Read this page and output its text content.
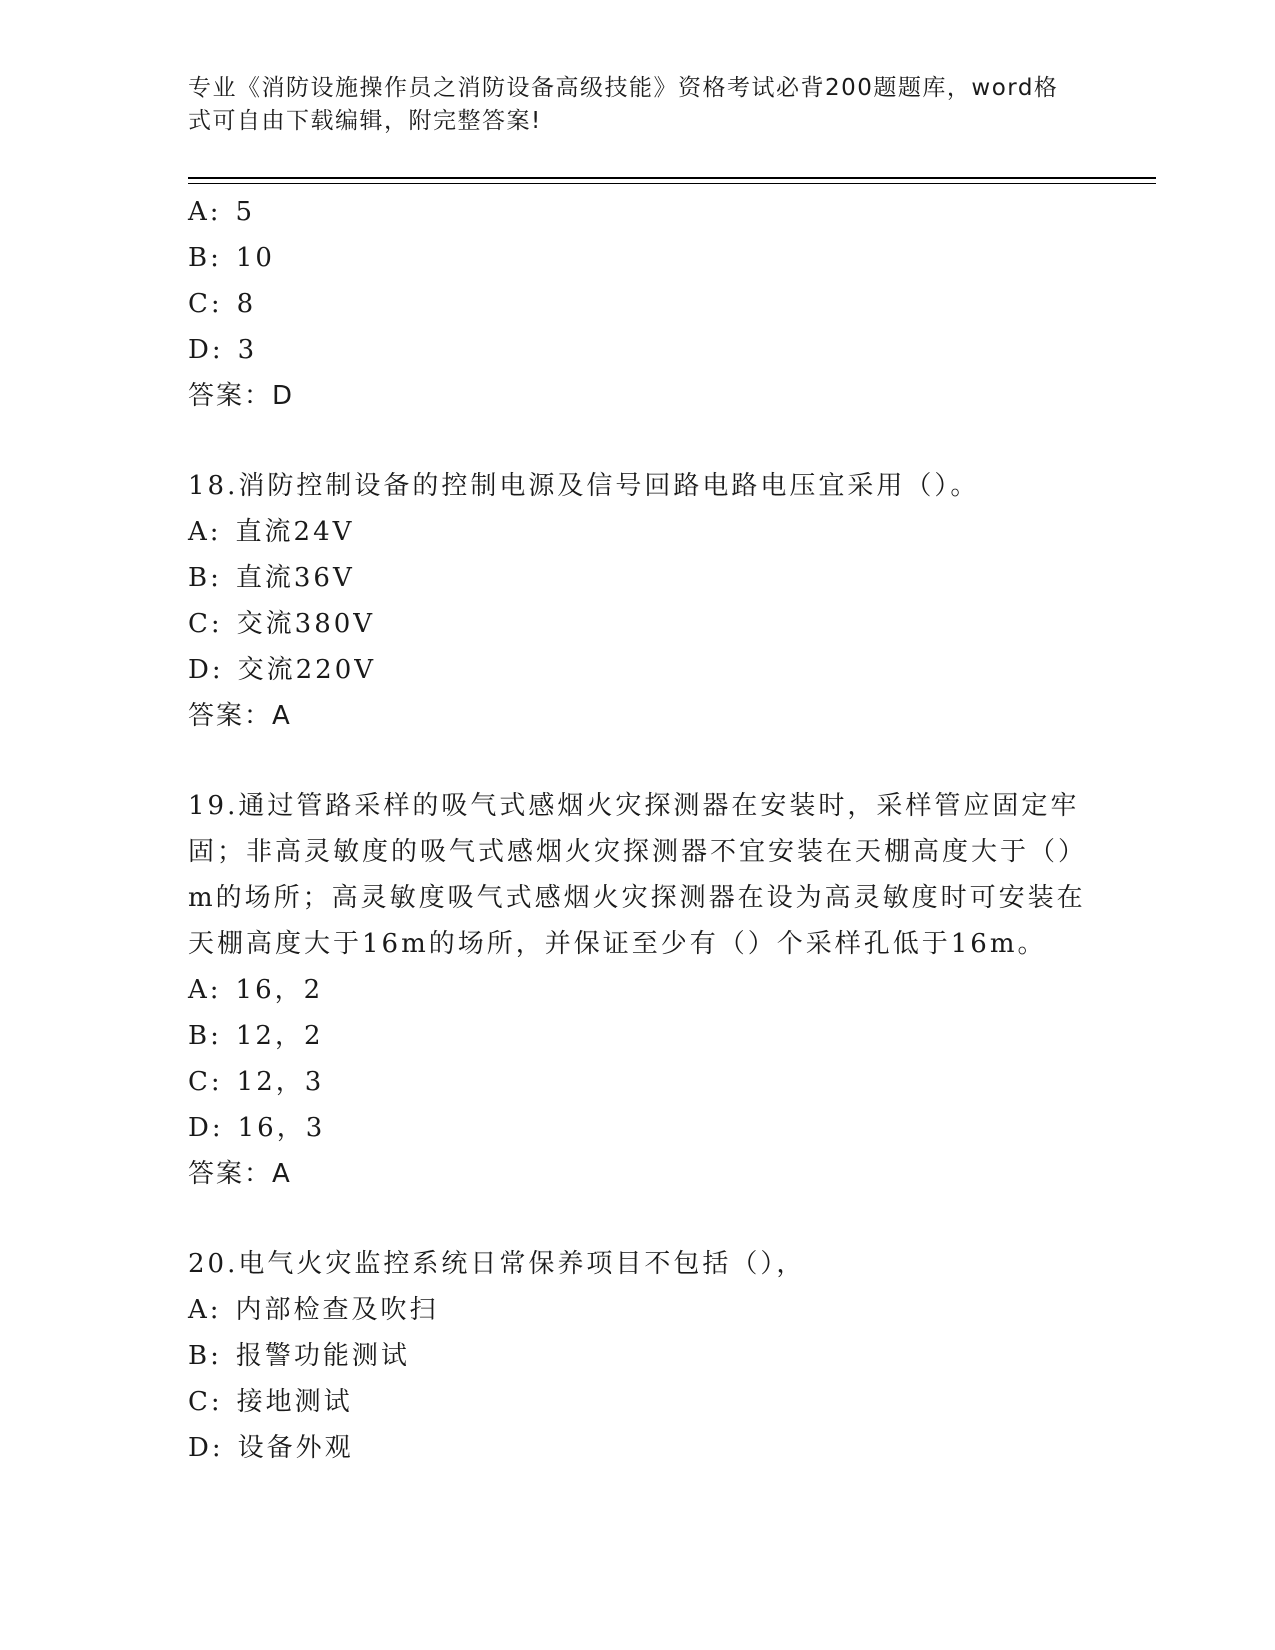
专业《消防设施操作员之消防设备高级技能》资格考试必背200题题库，word格式可自由下载编辑，附完整答案!
A: 5
B: 10
C: 8
D: 3
答案：D
18.消防控制设备的控制电源及信号回路电路电压宜采用（）。
A: 直流24V
B: 直流36V
C: 交流380V
D: 交流220V
答案：A
19.通过管路采样的吸气式感烟火灾探测器在安装时，采样管应固定牢固；非高灵敏度的吸气式感烟火灾探测器不宜安装在天棚高度大于（）m的场所；高灵敏度吸气式感烟火灾探测器在设为高灵敏度时可安装在天棚高度大于16m的场所，并保证至少有（）个采样孔低于16m。
A: 16，2
B: 12，2
C: 12，3
D: 16，3
答案：A
20.电气火灾监控系统日常保养项目不包括（），
A: 内部检查及吹扫
B: 报警功能测试
C: 接地测试
D: 设备外观
